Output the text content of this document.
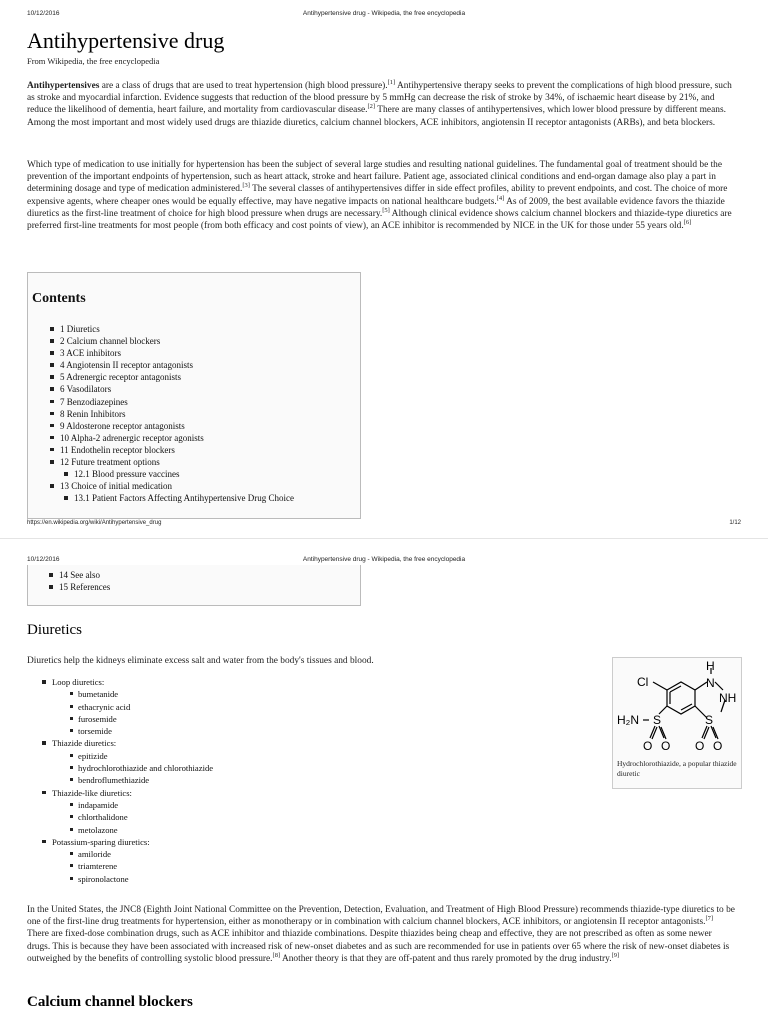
10/12/2016	Antihypertensive drug - Wikipedia, the free encyclopedia
Antihypertensive drug
From Wikipedia, the free encyclopedia

Antihypertensives are a class of drugs that are used to treat hypertension (high blood pressure).[1] Antihypertensive therapy seeks to prevent the complications of high blood pressure, such as stroke and myocardial infarction. Evidence suggests that reduction of the blood pressure by 5 mmHg can decrease the risk of stroke by 34%, of ischaemic heart disease by 21%, and reduce the likelihood of dementia, heart failure, and mortality from cardiovascular disease.[2] There are many classes of antihypertensives, which lower blood pressure by different means. Among the most important and most widely used drugs are thiazide diuretics, calcium channel blockers, ACE inhibitors, angiotensin II receptor antagonists (ARBs), and beta blockers.

Which type of medication to use initially for hypertension has been the subject of several large studies and resulting national guidelines. The fundamental goal of treatment should be the prevention of the important endpoints of hypertension, such as heart attack, stroke and heart failure. Patient age, associated clinical conditions and end-organ damage also play a part in determining dosage and type of medication administered.[3] The several classes of antihypertensives differ in side effect profiles, ability to prevent endpoints, and cost. The choice of more expensive agents, where cheaper ones would be equally effective, may have negative impacts on national healthcare budgets.[4] As of 2009, the best available evidence favors the thiazide diuretics as the first-line treatment of choice for high blood pressure when drugs are necessary.[5] Although clinical evidence shows calcium channel blockers and thiazide-type diuretics are preferred first-line treatments for most people (from both efficacy and cost points of view), an ACE inhibitor is recommended by NICE in the UK for those under 55 years old.[6]

Contents
1 Diuretics
2 Calcium channel blockers
3 ACE inhibitors
4 Angiotensin II receptor antagonists
5 Adrenergic receptor antagonists
6 Vasodilators
7 Benzodiazepines
8 Renin Inhibitors
9 Aldosterone receptor antagonists
10 Alpha-2 adrenergic receptor agonists
11 Endothelin receptor blockers
12 Future treatment options
12.1 Blood pressure vaccines
13 Choice of initial medication
13.1 Patient Factors Affecting Antihypertensive Drug Choice
https://en.wikipedia.org/wiki/Antihypertensive_drug	1/12
10/12/2016	Antihypertensive drug - Wikipedia, the free encyclopedia
14 See also
15 References
Diuretics

Diuretics help the kidneys eliminate excess salt and water from the body's tissues and blood.

Loop diuretics:
bumetanide
ethacrynic acid
furosemide
torsemide
Thiazide diuretics:
epitizide
hydrochlorothiazide and chlorothiazide
bendroflumethiazide
Thiazide-like diuretics:
indapamide
chlorthalidone
metolazone
Potassium-sparing diuretics:
amiloride
triamterene
spironolactone
H
Cl	N
NH
H₂N S	S
O O O O
Hydrochlorothiazide, a popular thiazide diuretic

In the United States, the JNC8 (Eighth Joint National Committee on the Prevention, Detection, Evaluation, and Treatment of High Blood Pressure) recommends thiazide-type diuretics to be one of the first-line drug treatments for hypertension, either as monotherapy or in combination with calcium channel blockers, ACE inhibitors, or angiotensin II receptor antagonists.[7] There are fixed-dose combination drugs, such as ACE inhibitor and thiazide combinations. Despite thiazides being cheap and effective, they are not prescribed as often as some newer drugs. This is because they have been associated with increased risk of new-onset diabetes and as such are recommended for use in patients over 65 where the risk of new-onset diabetes is outweighed by the benefits of controlling systolic blood pressure.[8] Another theory is that they are off-patent and thus rarely promoted by the drug industry.[9]

Calcium channel blockers
